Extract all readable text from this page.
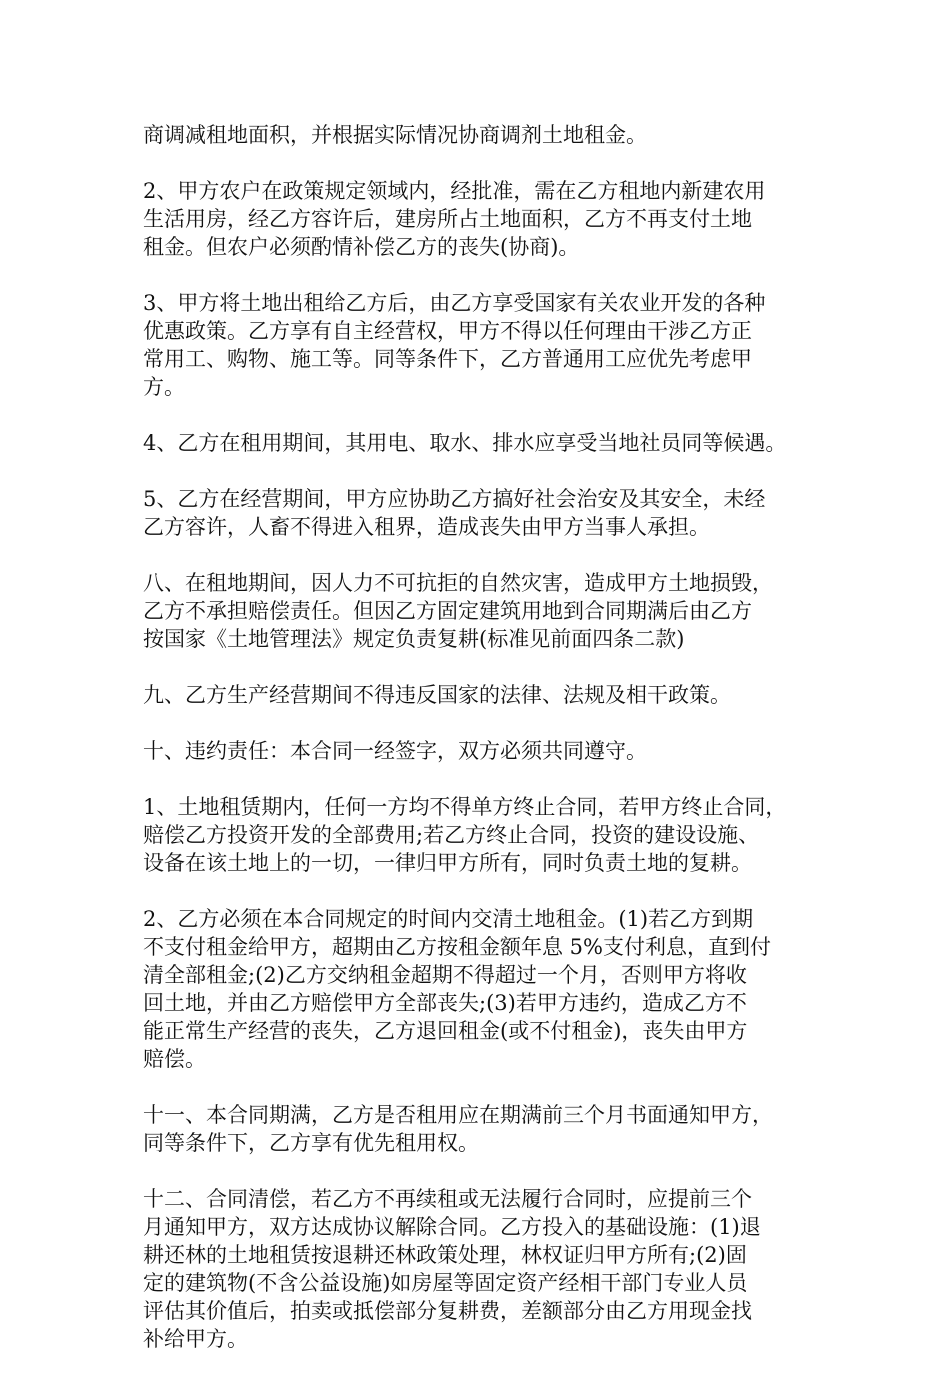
商调减租地面积，并根据实际情况协商调剂土地租金。

2、甲方农户在政策规定领域内，经批准，需在乙方租地内新建农用
生活用房，经乙方容许后，建房所占土地面积，乙方不再支付土地
租金。但农户必须酌情补偿乙方的丧失(协商)。

3、甲方将土地出租给乙方后，由乙方享受国家有关农业开发的各种
优惠政策。乙方享有自主经营权，甲方不得以任何理由干涉乙方正
常用工、购物、施工等。同等条件下，乙方普通用工应优先考虑甲
方。

4、乙方在租用期间，其用电、取水、排水应享受当地社员同等候遇。

5、乙方在经营期间，甲方应协助乙方搞好社会治安及其安全，未经
乙方容许，人畜不得进入租界，造成丧失由甲方当事人承担。

八、在租地期间，因人力不可抗拒的自然灾害，造成甲方土地损毁，
乙方不承担赔偿责任。但因乙方固定建筑用地到合同期满后由乙方
按国家《土地管理法》规定负责复耕(标准见前面四条二款)

九、乙方生产经营期间不得违反国家的法律、法规及相干政策。

十、违约责任：本合同一经签字，双方必须共同遵守。

1、土地租赁期内，任何一方均不得单方终止合同，若甲方终止合同，
赔偿乙方投资开发的全部费用;若乙方终止合同，投资的建设设施、
设备在该土地上的一切，一律归甲方所有，同时负责土地的复耕。

2、乙方必须在本合同规定的时间内交清土地租金。(1)若乙方到期
不支付租金给甲方，超期由乙方按租金额年息 5%支付利息，直到付
清全部租金;(2)乙方交纳租金超期不得超过一个月，否则甲方将收
回土地，并由乙方赔偿甲方全部丧失;(3)若甲方违约，造成乙方不
能正常生产经营的丧失，乙方退回租金(或不付租金)，丧失由甲方
赔偿。

十一、本合同期满，乙方是否租用应在期满前三个月书面通知甲方，
同等条件下，乙方享有优先租用权。

十二、合同清偿，若乙方不再续租或无法履行合同时，应提前三个
月通知甲方，双方达成协议解除合同。乙方投入的基础设施：(1)退
耕还林的土地租赁按退耕还林政策处理，林权证归甲方所有;(2)固
定的建筑物(不含公益设施)如房屋等固定资产经相干部门专业人员
评估其价值后，拍卖或抵偿部分复耕费，差额部分由乙方用现金找
补给甲方。
